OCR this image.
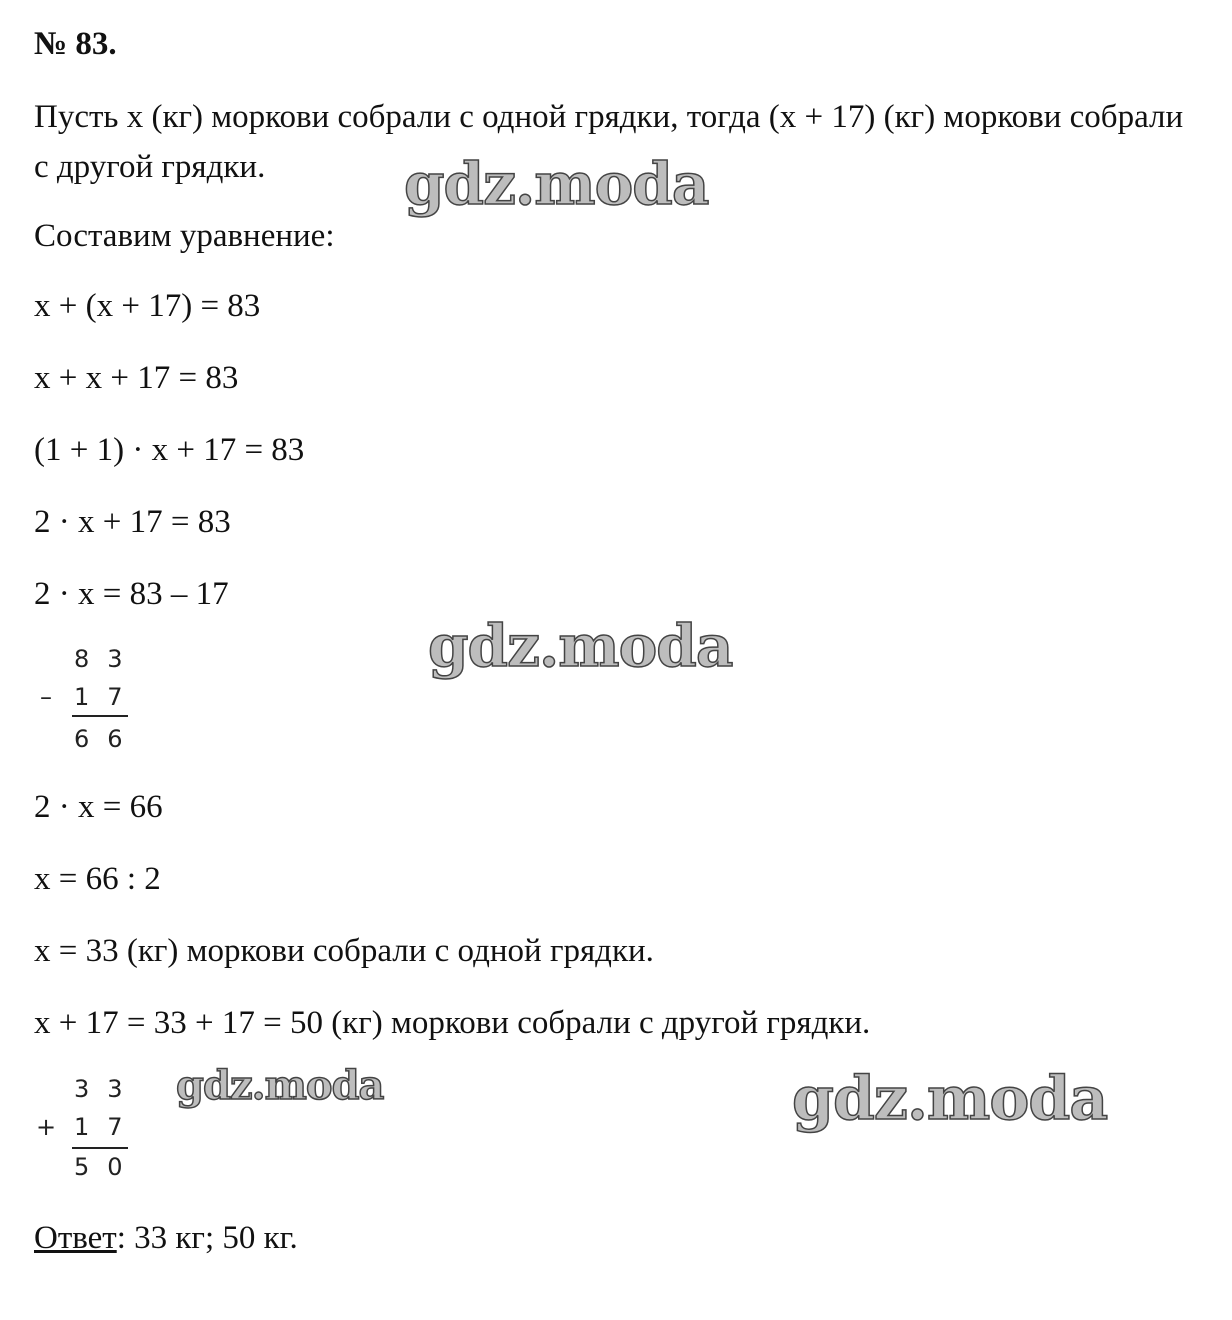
№ 83.
Пусть x (кг) моркови собрали с одной грядки, тогда (x + 17) (кг) моркови собрали с другой грядки.
Составим уравнение:
x + (x + 17) = 83
x + x + 17 = 83
(1 + 1) · x + 17 = 83
2 · x + 17 = 83
2 · x = 83 – 17
83
– 17
66
2 · x = 66
x = 66 : 2
x = 33 (кг) моркови собрали с одной грядки.
x + 17 = 33 + 17 = 50 (кг) моркови собрали с другой грядки.
33
+ 17
50
Ответ: 33 кг; 50 кг.
gdz.moda
gdz.moda
gdz.moda	gdz.moda
